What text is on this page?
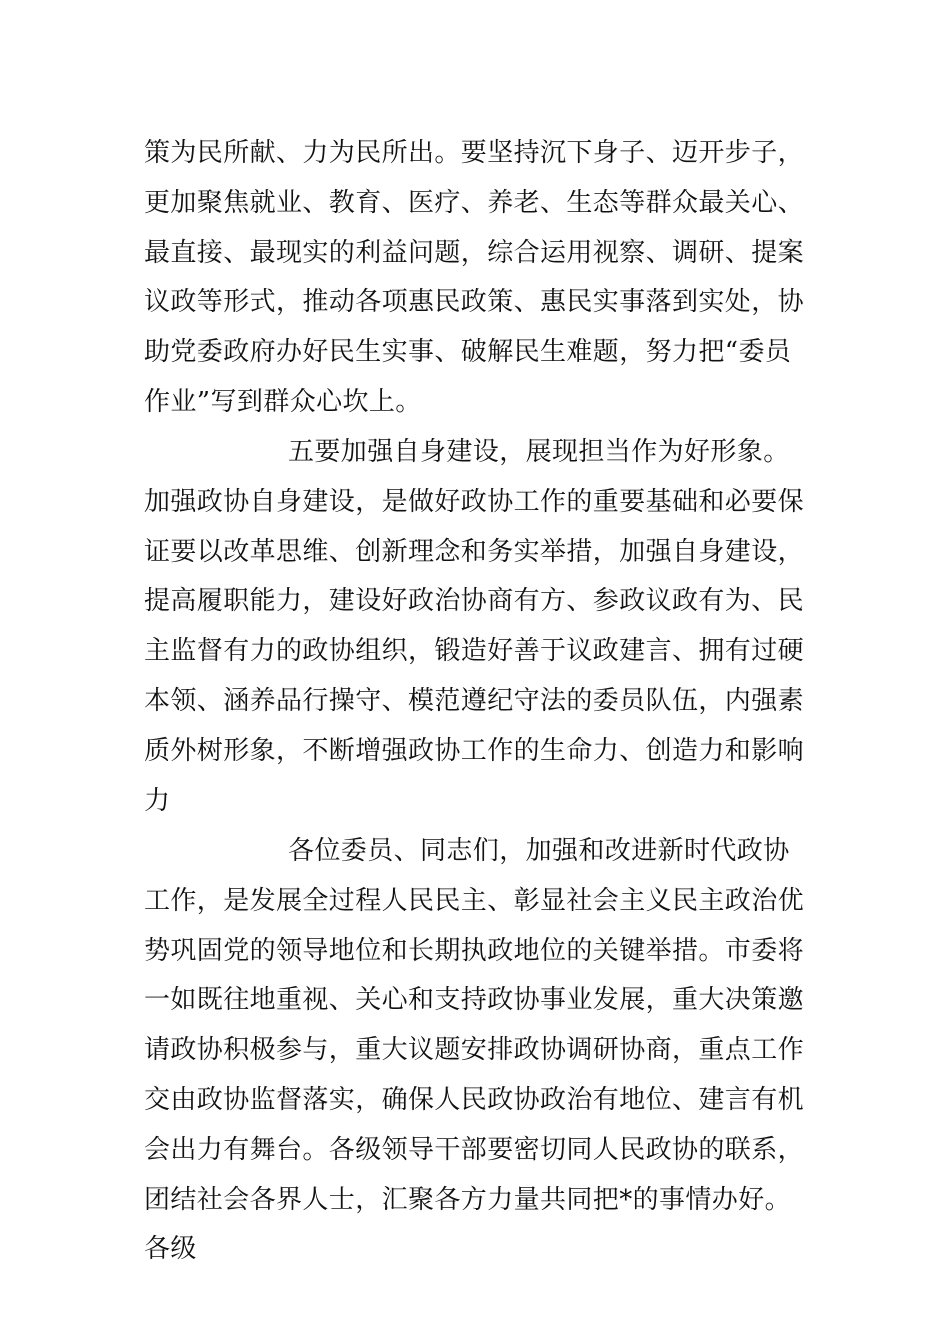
策为民所献、力为民所出。要坚持沉下身子、迈开步子，更加聚焦就业、教育、医疗、养老、生态等群众最关心、最直接、最现实的利益问题，综合运用视察、调研、提案议政等形式，推动各项惠民政策、惠民实事落到实处，协助党委政府办好民生实事、破解民生难题，努力把“委员作业”写到群众心坎上。

五要加强自身建设，展现担当作为好形象。加强政协自身建设，是做好政协工作的重要基础和必要保证要以改革思维、创新理念和务实举措，加强自身建设，提高履职能力，建设好政治协商有方、参政议政有为、民主监督有力的政协组织，锻造好善于议政建言、拥有过硬本领、涵养品行操守、模范遵纪守法的委员队伍，内强素质外树形象，不断增强政协工作的生命力、创造力和影响力

各位委员、同志们，加强和改进新时代政协工作，是发展全过程人民民主、彰显社会主义民主政治优势巩固党的领导地位和长期执政地位的关键举措。市委将一如既往地重视、关心和支持政协事业发展，重大决策邀请政协积极参与，重大议题安排政协调研协商，重点工作交由政协监督落实，确保人民政协政治有地位、建言有机会出力有舞台。各级领导干部要密切同人民政协的联系，团结社会各界人士，汇聚各方力量共同把*的事情办好。各级
